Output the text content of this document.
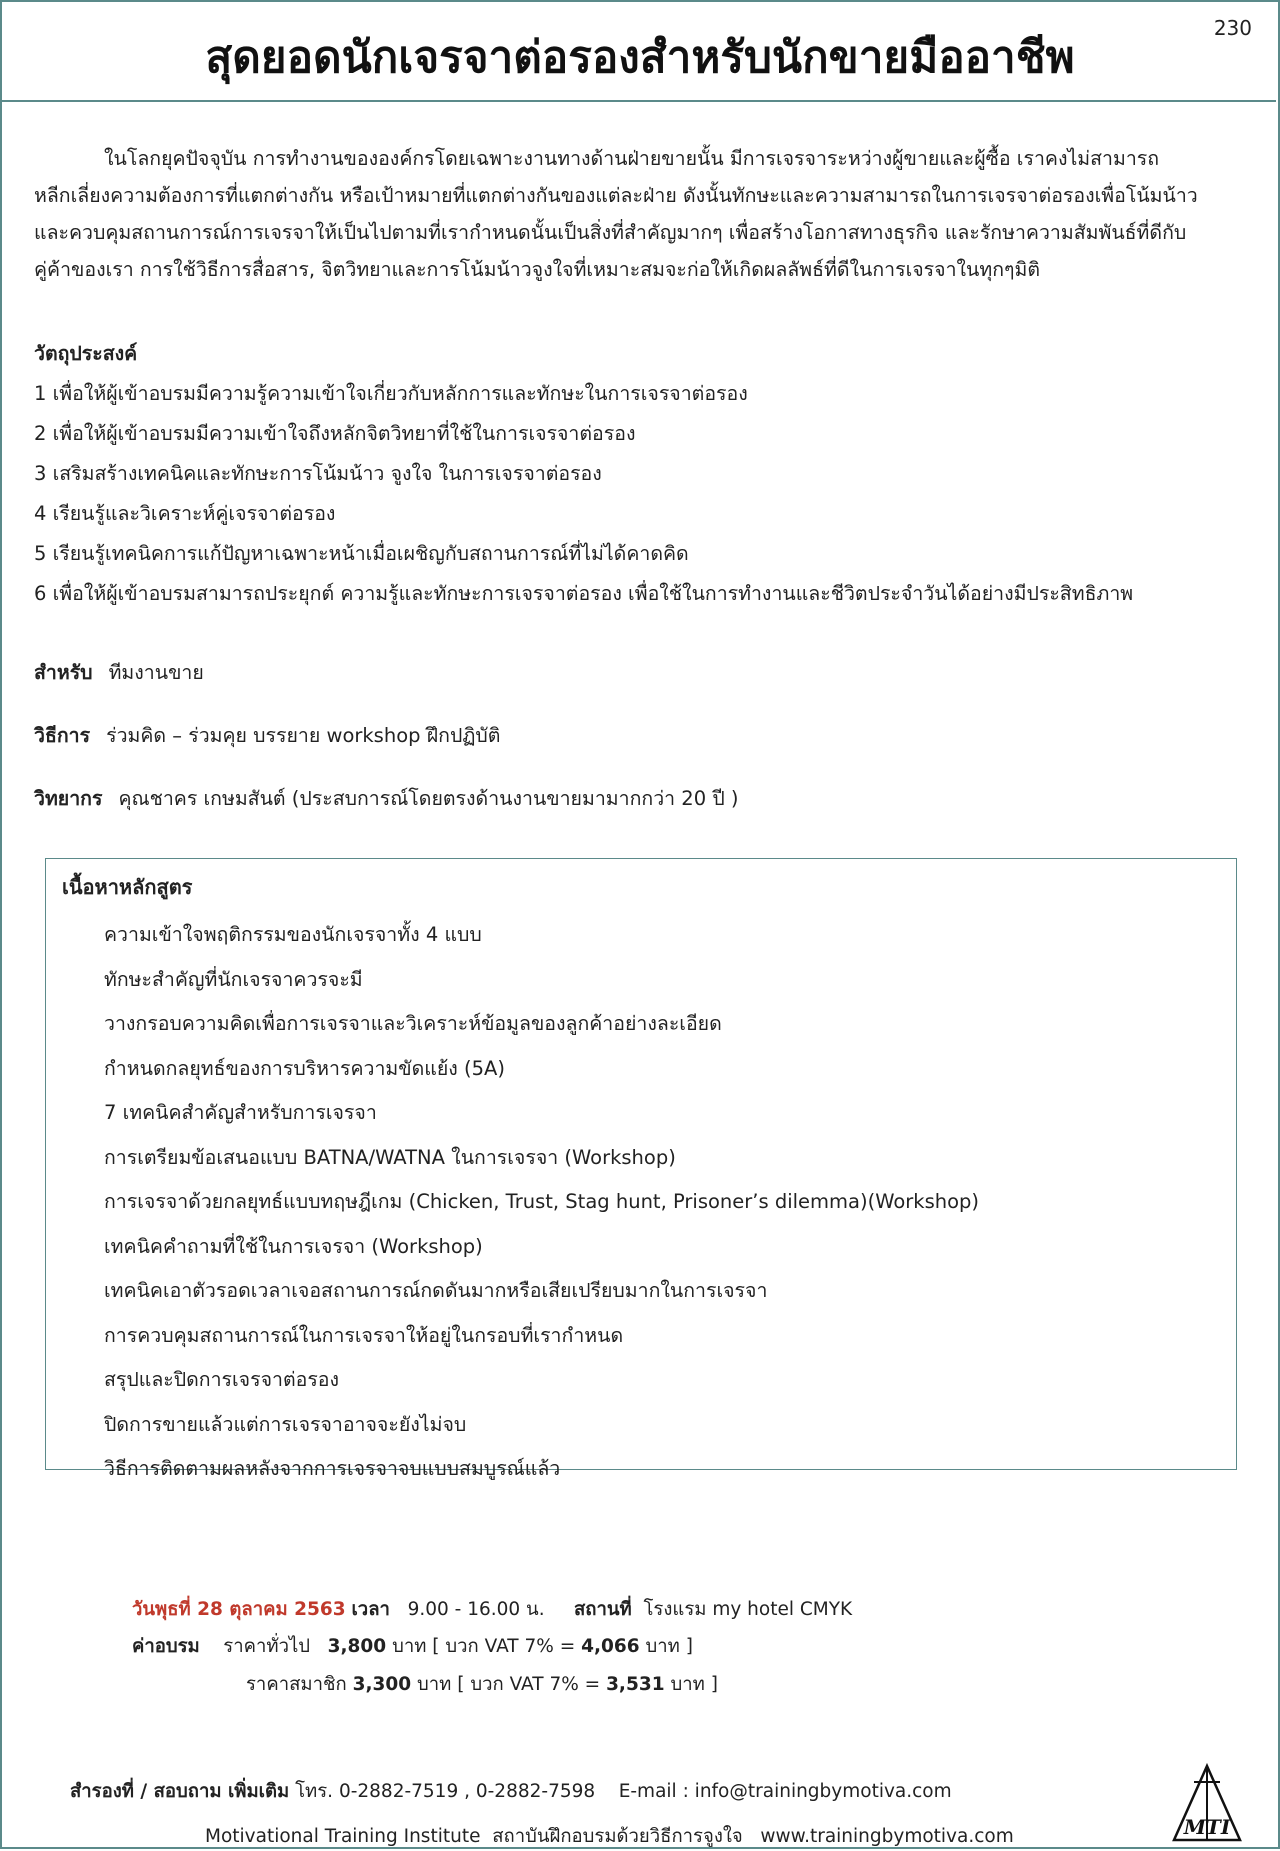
สุดยอดนักเจรจาต่อรองสำหรับนักขายมืออาชีพ
230
ในโลกยุคปัจจุบัน การทำงานขององค์กรโดยเฉพาะงานทางด้านฝ่ายขายนั้น มีการเจรจาระหว่างผู้ขายและผู้ซื้อ เราคงไม่สามารถ
หลีกเลี่ยงความต้องการที่แตกต่างกัน หรือเป้าหมายที่แตกต่างกันของแต่ละฝ่าย ดังนั้นทักษะและความสามารถในการเจรจาต่อรองเพื่อโน้มน้าว
และควบคุมสถานการณ์การเจรจาให้เป็นไปตามที่เรากำหนดนั้นเป็นสิ่งที่สำคัญมากๆ เพื่อสร้างโอกาสทางธุรกิจ และรักษาความสัมพันธ์ที่ดีกับ
คู่ค้าของเรา การใช้วิธีการสื่อสาร, จิตวิทยาและการโน้มน้าวจูงใจที่เหมาะสมจะก่อให้เกิดผลลัพธ์ที่ดีในการเจรจาในทุกๆมิติ
วัตถุประสงค์
1 เพื่อให้ผู้เข้าอบรมมีความรู้ความเข้าใจเกี่ยวกับหลักการและทักษะในการเจรจาต่อรอง
2 เพื่อให้ผู้เข้าอบรมมีความเข้าใจถึงหลักจิตวิทยาที่ใช้ในการเจรจาต่อรอง
3 เสริมสร้างเทคนิคและทักษะการโน้มน้าว จูงใจ ในการเจรจาต่อรอง
4 เรียนรู้และวิเคราะห์คู่เจรจาต่อรอง
5 เรียนรู้เทคนิคการแก้ปัญหาเฉพาะหน้าเมื่อเผชิญกับสถานการณ์ที่ไม่ได้คาดคิด
6 เพื่อให้ผู้เข้าอบรมสามารถประยุกต์ ความรู้และทักษะการเจรจาต่อรอง เพื่อใช้ในการทำงานและชีวิตประจำวันได้อย่างมีประสิทธิภาพ
สำหรับ ทีมงานขาย
วิธีการ ร่วมคิด – ร่วมคุย บรรยาย workshop ฝึกปฏิบัติ
วิทยากร คุณชาคร เกษมสันต์ (ประสบการณ์โดยตรงด้านงานขายมามากกว่า 20 ปี )
เนื้อหาหลักสูตร
ความเข้าใจพฤติกรรมของนักเจรจาทั้ง 4 แบบ
ทักษะสำคัญที่นักเจรจาควรจะมี
วางกรอบความคิดเพื่อการเจรจาและวิเคราะห์ข้อมูลของลูกค้าอย่างละเอียด
กำหนดกลยุทธ์ของการบริหารความขัดแย้ง (5A)
7 เทคนิคสำคัญสำหรับการเจรจา
การเตรียมข้อเสนอแบบ BATNA/WATNA ในการเจรจา (Workshop)
การเจรจาด้วยกลยุทธ์แบบทฤษฎีเกม (Chicken, Trust, Stag hunt, Prisoner’s dilemma)(Workshop)
เทคนิคคำถามที่ใช้ในการเจรจา (Workshop)
เทคนิคเอาตัวรอดเวลาเจอสถานการณ์กดดันมากหรือเสียเปรียบมากในการเจรจา
การควบคุมสถานการณ์ในการเจรจาให้อยู่ในกรอบที่เรากำหนด
สรุปและปิดการเจรจาต่อรอง
ปิดการขายแล้วแต่การเจรจาอาจจะยังไม่จบ
วิธีการติดตามผลหลังจากการเจรจาจบแบบสมบูรณ์แล้ว
วันพุธที่ 28 ตุลาคม 2563 เวลา 9.00 - 16.00 น. สถานที่ โรงแรม my hotel CMYK
ค่าอบรม ราคาทั่วไป 3,800 บาท [ บวก VAT 7% = 4,066 บาท ]
ราคาสมาชิก 3,300 บาท [ บวก VAT 7% = 3,531 บาท ]
สำรองที่ / สอบถาม เพิ่มเติม โทร. 0-2882-7519 , 0-2882-7598 E-mail : info@trainingbymotiva.com
Motivational Training Institute สถาบันฝึกอบรมด้วยวิธีการจูงใจ www.trainingbymotiva.com	MTI
